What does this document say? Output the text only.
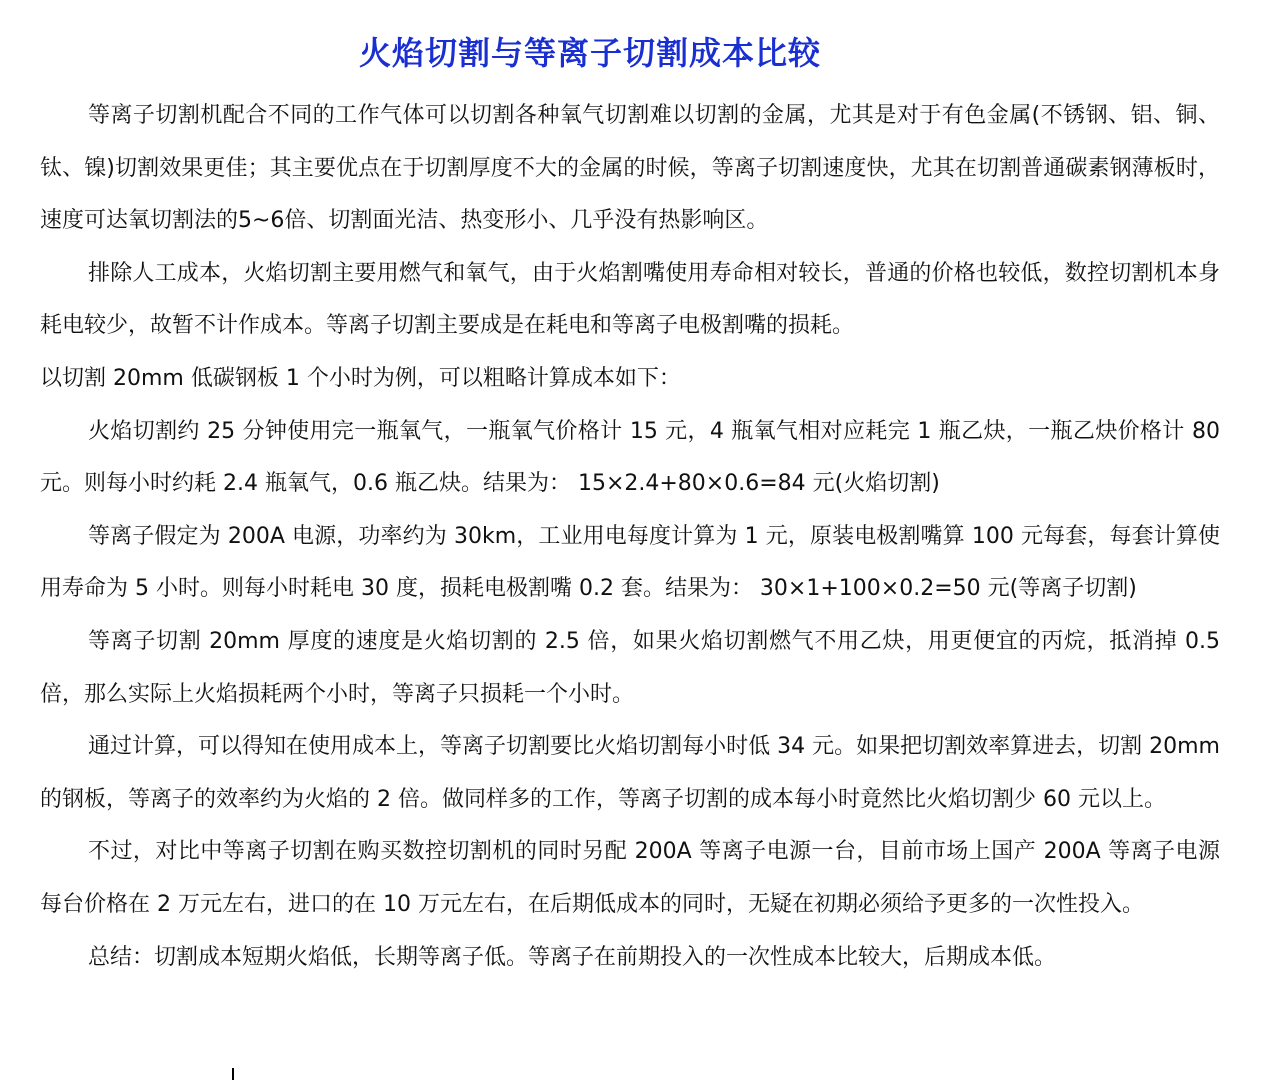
火焰切割与等离子切割成本比较

等离子切割机配合不同的工作气体可以切割各种氧气切割难以切割的金属，尤其是对于有色金属(不锈钢、铝、铜、钛、镍)切割效果更佳；其主要优点在于切割厚度不大的金属的时候，等离子切割速度快，尤其在切割普通碳素钢薄板时，速度可达氧切割法的5~6倍、切割面光洁、热变形小、几乎没有热影响区。

排除人工成本，火焰切割主要用燃气和氧气，由于火焰割嘴使用寿命相对较长，普通的价格也较低，数控切割机本身耗电较少，故暂不计作成本。等离子切割主要成是在耗电和等离子电极割嘴的损耗。

以切割 20mm 低碳钢板 1 个小时为例，可以粗略计算成本如下：

火焰切割约 25 分钟使用完一瓶氧气，一瓶氧气价格计 15 元，4 瓶氧气相对应耗完 1 瓶乙炔，一瓶乙炔价格计 80 元。则每小时约耗 2.4 瓶氧气，0.6 瓶乙炔。结果为： 15×2.4+80×0.6=84 元(火焰切割)

等离子假定为 200A 电源，功率约为 30km，工业用电每度计算为 1 元，原装电极割嘴算 100 元每套，每套计算使用寿命为 5 小时。则每小时耗电 30 度，损耗电极割嘴 0.2 套。结果为： 30×1+100×0.2=50 元(等离子切割)

等离子切割 20mm 厚度的速度是火焰切割的 2.5 倍，如果火焰切割燃气不用乙炔，用更便宜的丙烷，抵消掉 0.5 倍，那么实际上火焰损耗两个小时，等离子只损耗一个小时。

通过计算，可以得知在使用成本上，等离子切割要比火焰切割每小时低 34 元。如果把切割效率算进去，切割 20mm 的钢板，等离子的效率约为火焰的 2 倍。做同样多的工作，等离子切割的成本每小时竟然比火焰切割少 60 元以上。

不过，对比中等离子切割在购买数控切割机的同时另配 200A 等离子电源一台，目前市场上国产 200A 等离子电源每台价格在 2 万元左右，进口的在 10 万元左右，在后期低成本的同时，无疑在初期必须给予更多的一次性投入。

总结：切割成本短期火焰低，长期等离子低。等离子在前期投入的一次性成本比较大，后期成本低。
